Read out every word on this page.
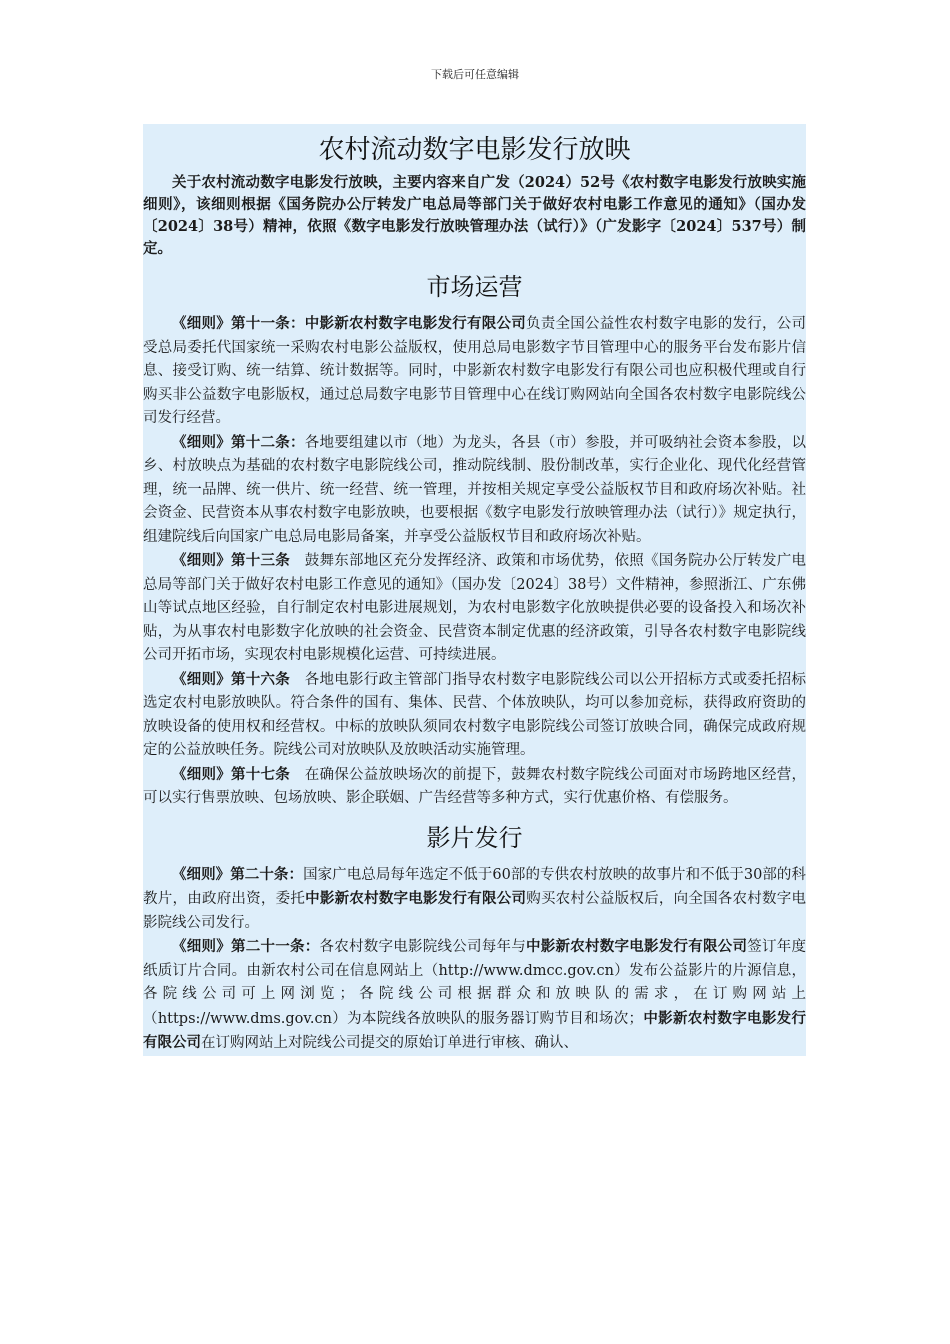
下载后可任意编辑
农村流动数字电影发行放映

关于农村流动数字电影发行放映，主要内容来自广发（2024）52号《农村数字电影发行放映实施细则》，该细则根据《国务院办公厅转发广电总局等部门关于做好农村电影工作意见的通知》（国办发〔2024〕38号）精神，依照《数字电影发行放映管理办法（试行）》（广发影字〔2024〕537号）制定。

市场运营

《细则》第十一条：中影新农村数字电影发行有限公司负责全国公益性农村数字电影的发行，公司受总局委托代国家统一采购农村电影公益版权，使用总局电影数字节目管理中心的服务平台发布影片信息、接受订购、统一结算、统计数据等。同时，中影新农村数字电影发行有限公司也应积极代理或自行购买非公益数字电影版权，通过总局数字电影节目管理中心在线订购网站向全国各农村数字电影院线公司发行经营。

《细则》第十二条：各地要组建以市（地）为龙头，各县（市）参股，并可吸纳社会资本参股，以乡、村放映点为基础的农村数字电影院线公司，推动院线制、股份制改革，实行企业化、现代化经营管理，统一品牌、统一供片、统一经营、统一管理，并按相关规定享受公益版权节目和政府场次补贴。社会资金、民营资本从事农村数字电影放映，也要根据《数字电影发行放映管理办法（试行）》规定执行，组建院线后向国家广电总局电影局备案，并享受公益版权节目和政府场次补贴。

《细则》第十三条　鼓舞东部地区充分发挥经济、政策和市场优势，依照《国务院办公厅转发广电总局等部门关于做好农村电影工作意见的通知》（国办发〔2024〕38号）文件精神，参照浙江、广东佛山等试点地区经验，自行制定农村电影进展规划，为农村电影数字化放映提供必要的设备投入和场次补贴，为从事农村电影数字化放映的社会资金、民营资本制定优惠的经济政策，引导各农村数字电影院线公司开拓市场，实现农村电影规模化运营、可持续进展。

《细则》第十六条　各地电影行政主管部门指导农村数字电影院线公司以公开招标方式或委托招标选定农村电影放映队。符合条件的国有、集体、民营、个体放映队，均可以参加竞标，获得政府资助的放映设备的使用权和经营权。中标的放映队须同农村数字电影院线公司签订放映合同，确保完成政府规定的公益放映任务。院线公司对放映队及放映活动实施管理。

《细则》第十七条　在确保公益放映场次的前提下，鼓舞农村数字院线公司面对市场跨地区经营，可以实行售票放映、包场放映、影企联姻、广告经营等多种方式，实行优惠价格、有偿服务。

影片发行

《细则》第二十条：国家广电总局每年选定不低于60部的专供农村放映的故事片和不低于30部的科教片，由政府出资，委托中影新农村数字电影发行有限公司购买农村公益版权后，向全国各农村数字电影院线公司发行。

《细则》第二十一条：各农村数字电影院线公司每年与中影新农村数字电影发行有限公司签订年度纸质订片合同。由新农村公司在信息网站上（http://www.dmcc.gov.cn）发布公益影片的片源信息，各院线公司可上网浏览；各院线公司根据群众和放映队的需求，在订购网站上（https://www.dms.gov.cn）为本院线各放映队的服务器订购节目和场次；中影新农村数字电影发行有限公司在订购网站上对院线公司提交的原始订单进行审核、确认、
